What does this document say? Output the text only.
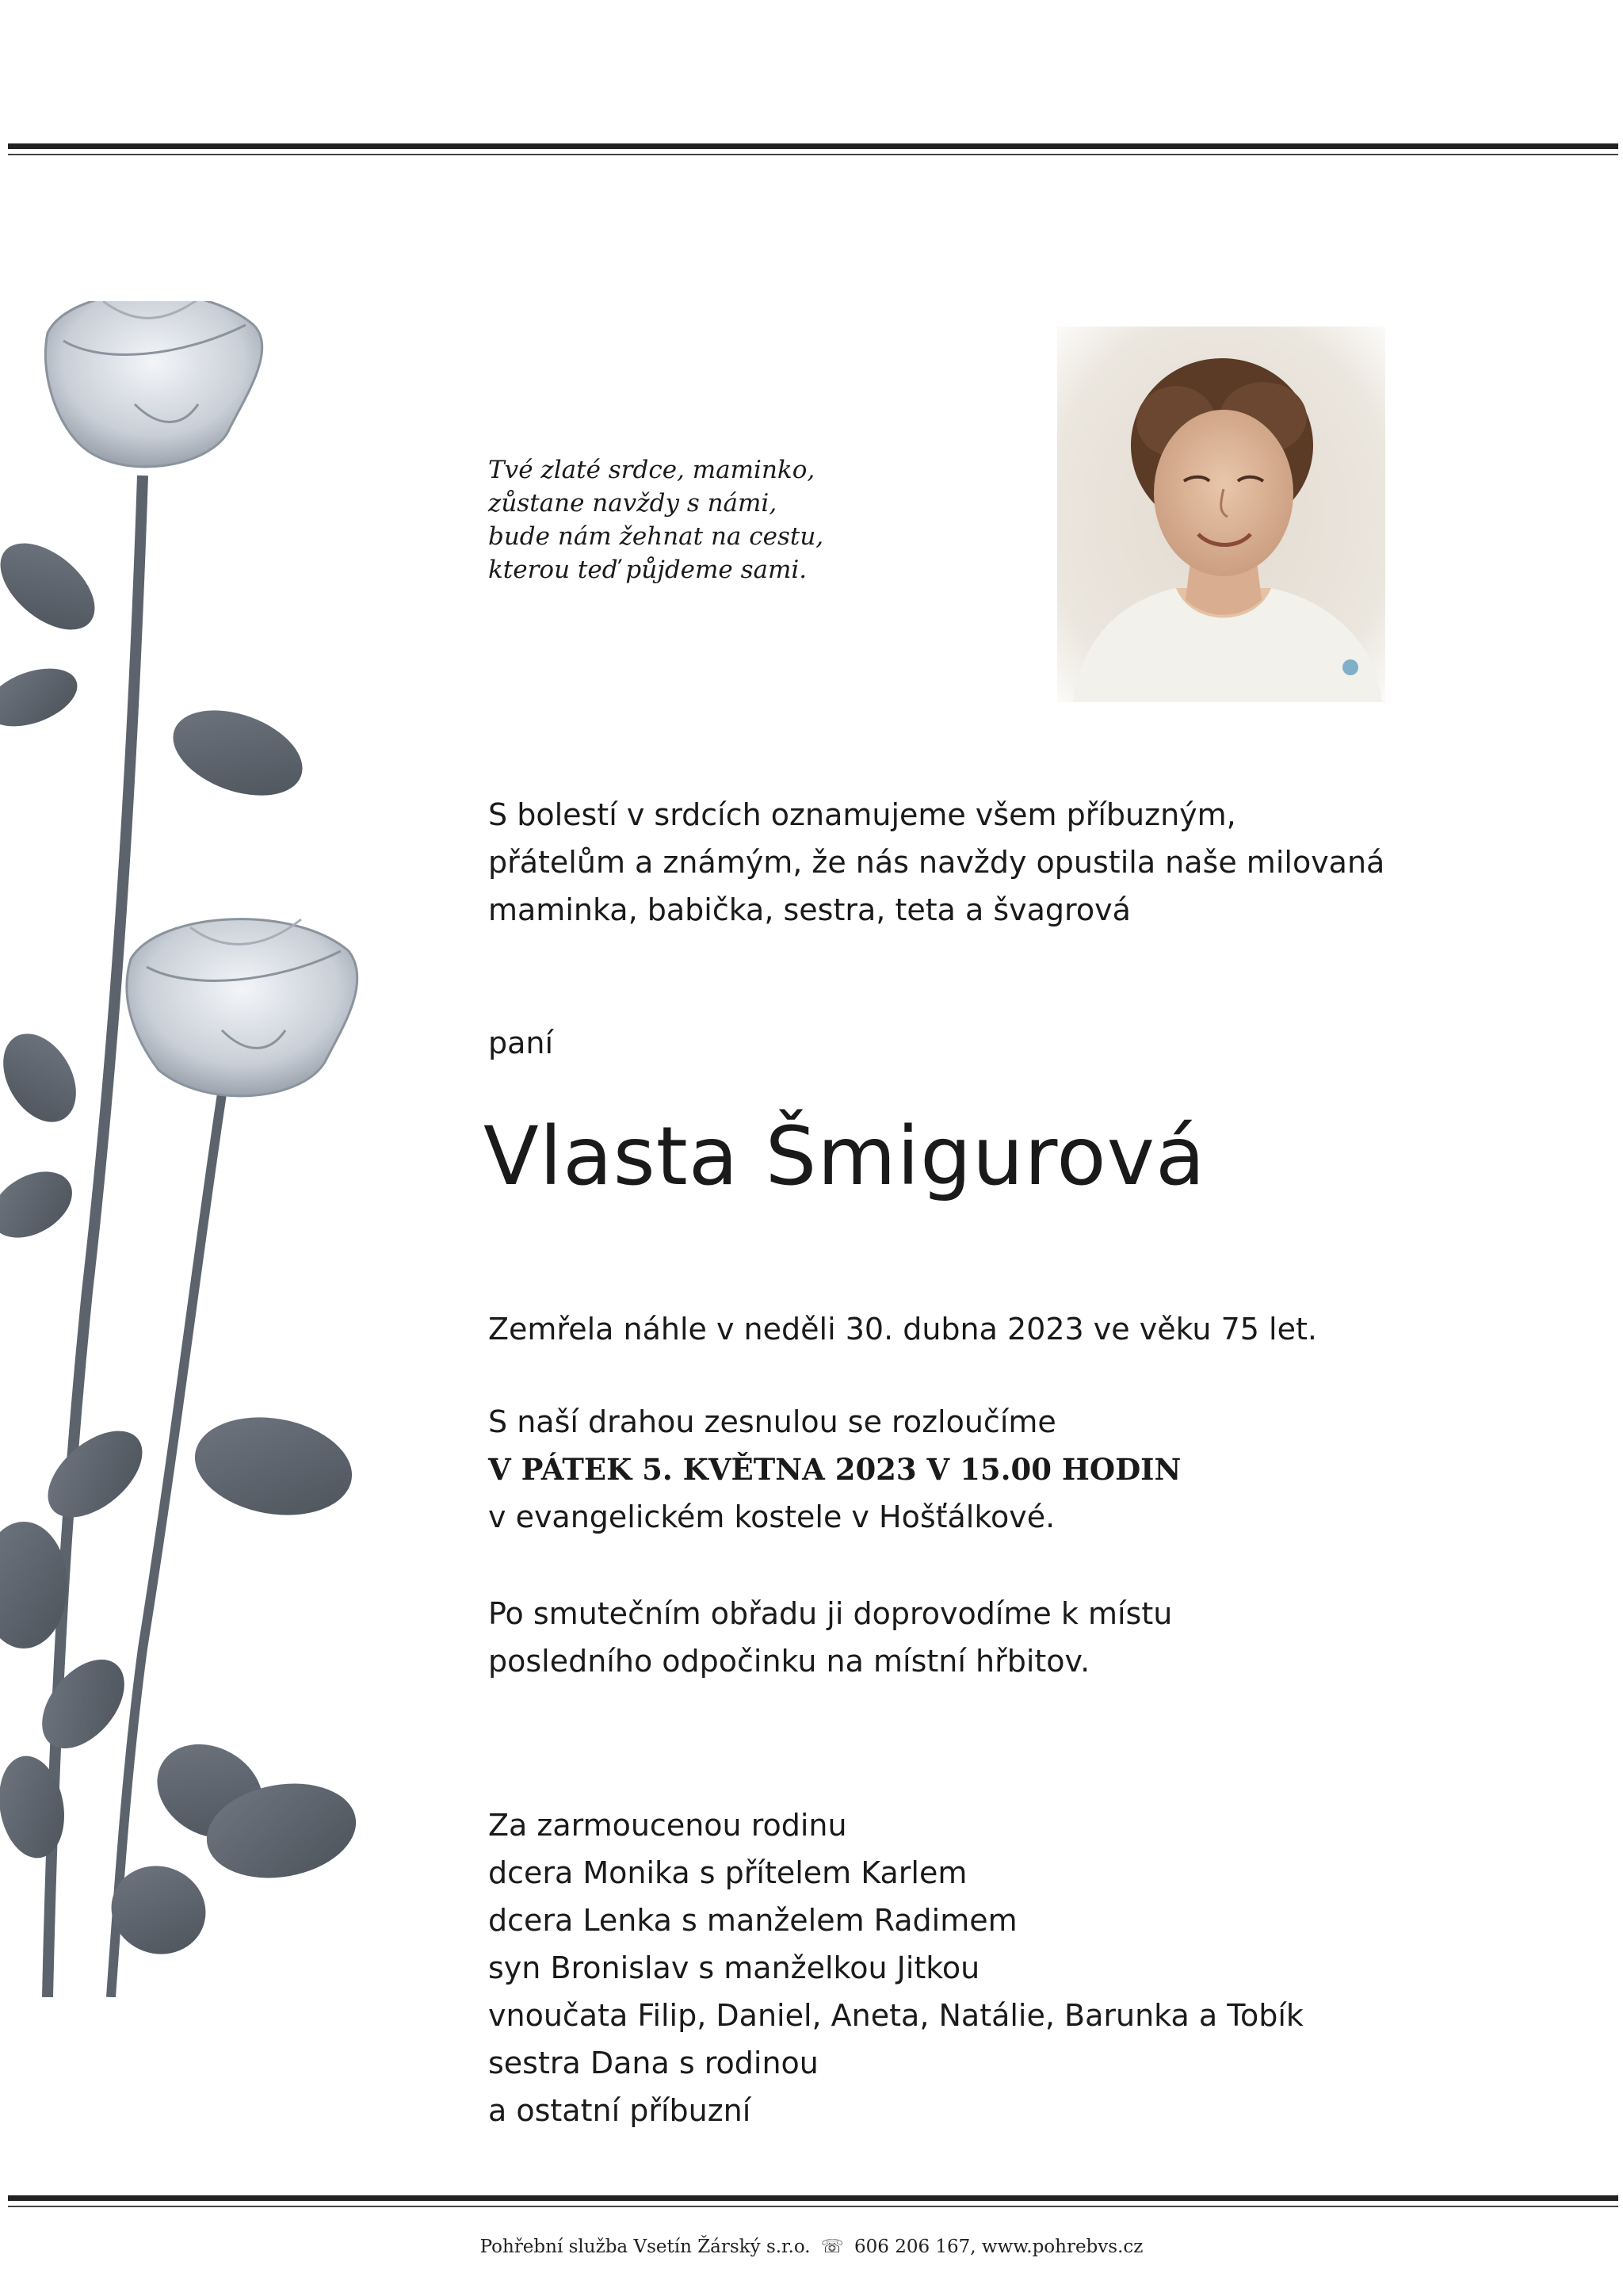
Tvé zlaté srdce, maminko,
zůstane navždy s námi,
bude nám žehnat na cestu,
kterou teď půjdeme sami.
S bolestí v srdcích oznamujeme všem příbuzným,
přátelům a známým, že nás navždy opustila naše milovaná
maminka, babička, sestra, teta a švagrová
paní
Vlasta Šmigurová
Zemřela náhle v neděli 30. dubna 2023 ve věku 75 let.
S naší drahou zesnulou se rozloučíme
V PÁTEK 5. KVĚTNA 2023 V 15.00 HODIN
v evangelickém kostele v Hošťálkové.
Po smutečním obřadu ji doprovodíme k místu
posledního odpočinku na místní hřbitov.
Za zarmoucenou rodinu
dcera Monika s přítelem Karlem
dcera Lenka s manželem Radimem
syn Bronislav s manželkou Jitkou
vnoučata Filip, Daniel, Aneta, Natálie, Barunka a Tobík
sestra Dana s rodinou
a ostatní příbuzní
Pohřební služba Vsetín Žárský s.r.o. ☏ 606 206 167, www.pohrebvs.cz
